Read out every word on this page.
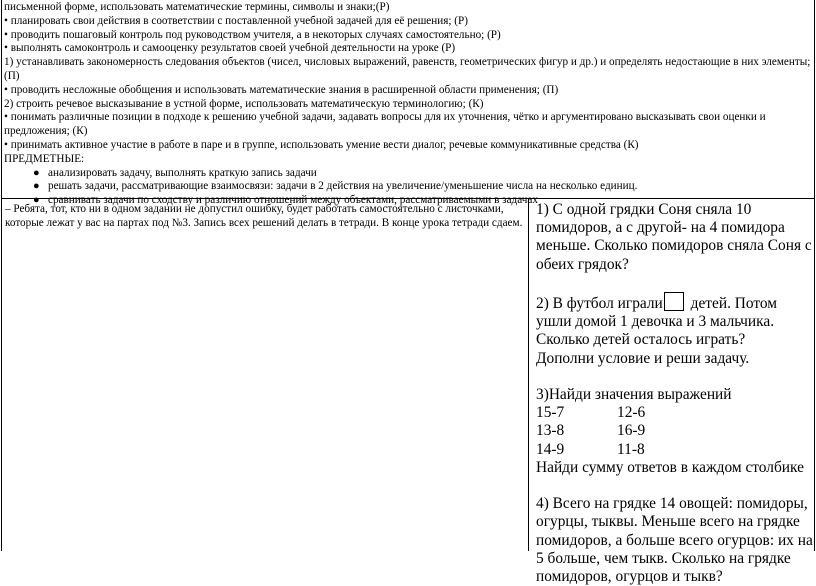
письменной форме, использовать математические термины, символы и знаки;(Р)
• планировать свои действия в соответствии с поставленной учебной задачей для её решения; (Р)
• проводить пошаговый контроль под руководством учителя, а в некоторых случаях самостоятельно; (Р)
• выполнять самоконтроль и самооценку результатов своей учебной деятельности на уроке (Р)
1) устанавливать закономерность следования объектов (чисел, числовых выражений, равенств, геометрических фигур и др.) и определять недостающие в них элементы; (П)
• проводить несложные обобщения и использовать математические знания в расширенной области применения; (П)
2) строить речевое высказывание в устной форме, использовать математическую терминологию; (К)
• понимать различные позиции в подходе к решению учебной задачи, задавать вопросы для их уточнения, чётко и аргументировано высказывать свои оценки и предложения; (К)
• принимать активное участие в работе в паре и в группе, использовать умение вести диалог, речевые коммуникативные средства (К)
ПРЕДМЕТНЫЕ:
● анализировать задачу, выполнять краткую запись задачи
● решать задачи, рассматривающие взаимосвязи: задачи в 2 действия на увеличение/уменьшение числа на несколько единиц.
● сравнивать задачи по сходству и различию отношений между объектами, рассматриваемыми в задачах
– Ребята, тот, кто ни в одном задании не допустил ошибку, будет работать самостоятельно с листочками, которые лежат у вас на партах под №3. Запись всех решений делать в тетради. В конце урока тетради сдаем.

1) С одной грядки Соня сняла 10 помидоров, а с другой- на 4 помидора меньше. Сколько помидоров сняла Соня с обеих грядок?

2) В футбол играли детей. Потом ушли домой 1 девочка и 3 мальчика. Сколько детей осталось играть?

Дополни условие и реши задачу.

3)Найди значения выражений

15-7	12-6
13-8	16-9
14-9	11-8

Найди сумму ответов в каждом столбике

4) Всего на грядке 14 овощей: помидоры, огурцы, тыквы. Меньше всего на грядке помидоров, а больше всего огурцов: их на 5 больше, чем тыкв. Сколько на грядке помидоров, огурцов и тыкв?
